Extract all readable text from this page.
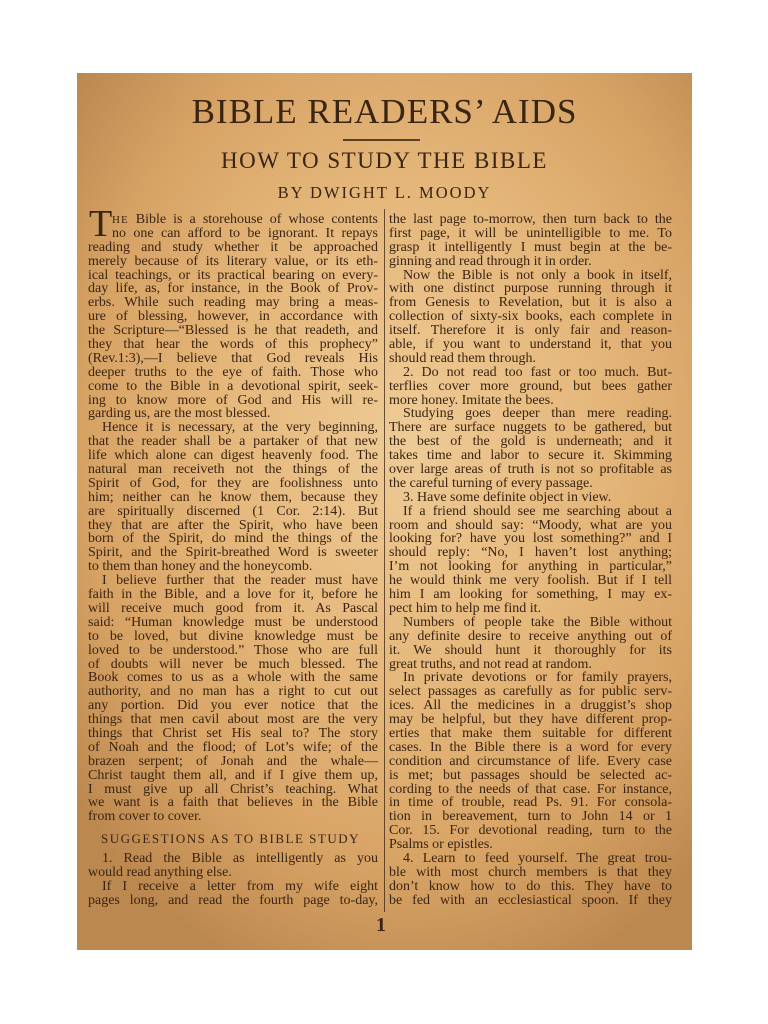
BIBLE READERS’ AIDS
HOW TO STUDY THE BIBLE
BY DWIGHT L. MOODY
T HE Bible is a storehouse of whose contents
no one can afford to be ignorant. It repays
reading and study whether it be approached
merely because of its literary value, or its eth-
ical teachings, or its practical bearing on every-
day life, as, for instance, in the Book of Prov-
erbs. While such reading may bring a meas-
ure of blessing, however, in accordance with
the Scripture—“Blessed is he that readeth, and
they that hear the words of this prophecy”
(Rev.1:3),—I believe that God reveals His
deeper truths to the eye of faith. Those who
come to the Bible in a devotional spirit, seek-
ing to know more of God and His will re-
garding us, are the most blessed.
Hence it is necessary, at the very beginning,
that the reader shall be a partaker of that new
life which alone can digest heavenly food. The
natural man receiveth not the things of the
Spirit of God, for they are foolishness unto
him; neither can he know them, because they
are spiritually discerned (1 Cor. 2:14). But
they that are after the Spirit, who have been
born of the Spirit, do mind the things of the
Spirit, and the Spirit-breathed Word is sweeter
to them than honey and the honeycomb.
I believe further that the reader must have
faith in the Bible, and a love for it, before he
will receive much good from it. As Pascal
said: “Human knowledge must be understood
to be loved, but divine knowledge must be
loved to be understood.” Those who are full
of doubts will never be much blessed. The
Book comes to us as a whole with the same
authority, and no man has a right to cut out
any portion. Did you ever notice that the
things that men cavil about most are the very
things that Christ set His seal to? The story
of Noah and the flood; of Lot’s wife; of the
brazen serpent; of Jonah and the whale—
Christ taught them all, and if I give them up,
I must give up all Christ’s teaching. What
we want is a faith that believes in the Bible
from cover to cover.
SUGGESTIONS AS TO BIBLE STUDY
1. Read the Bible as intelligently as you
would read anything else.
If I receive a letter from my wife eight
pages long, and read the fourth page to-day,
the last page to-morrow, then turn back to the
first page, it will be unintelligible to me. To
grasp it intelligently I must begin at the be-
ginning and read through it in order.
Now the Bible is not only a book in itself,
with one distinct purpose running through it
from Genesis to Revelation, but it is also a
collection of sixty-six books, each complete in
itself. Therefore it is only fair and reason-
able, if you want to understand it, that you
should read them through.
2. Do not read too fast or too much. But-
terflies cover more ground, but bees gather
more honey. Imitate the bees.
Studying goes deeper than mere reading.
There are surface nuggets to be gathered, but
the best of the gold is underneath; and it
takes time and labor to secure it. Skimming
over large areas of truth is not so profitable as
the careful turning of every passage.
3. Have some definite object in view.
If a friend should see me searching about a
room and should say: “Moody, what are you
looking for? have you lost something?” and I
should reply: “No, I haven’t lost anything;
I’m not looking for anything in particular,”
he would think me very foolish. But if I tell
him I am looking for something, I may ex-
pect him to help me find it.
Numbers of people take the Bible without
any definite desire to receive anything out of
it. We should hunt it thoroughly for its
great truths, and not read at random.
In private devotions or for family prayers,
select passages as carefully as for public serv-
ices. All the medicines in a druggist’s shop
may be helpful, but they have different prop-
erties that make them suitable for different
cases. In the Bible there is a word for every
condition and circumstance of life. Every case
is met; but passages should be selected ac-
cording to the needs of that case. For instance,
in time of trouble, read Ps. 91. For consola-
tion in bereavement, turn to John 14 or 1
Cor. 15. For devotional reading, turn to the
Psalms or epistles.
4. Learn to feed yourself. The great trou-
ble with most church members is that they
don’t know how to do this. They have to
be fed with an ecclesiastical spoon. If they
1
